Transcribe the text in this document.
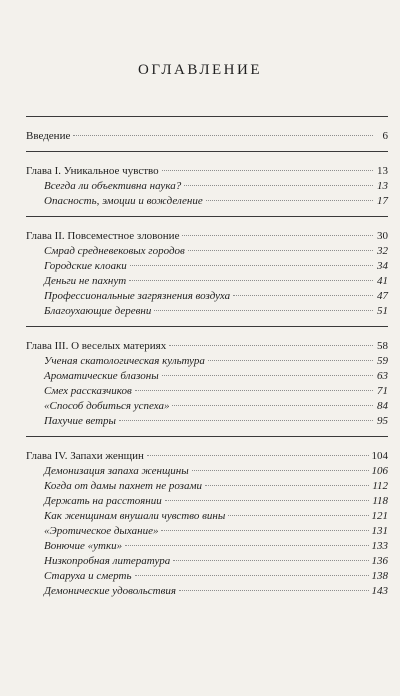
ОГЛАВЛЕНИЕ
Введение	6
Глава I. Уникальное чувство	13
Всегда ли объективна наука?	13
Опасность, эмоции и вожделение	17
Глава II. Повсеместное зловоние	30
Смрад средневековых городов	32
Городские клоаки	34
Деньги не пахнут	41
Профессиональные загрязнения воздуха	47
Благоухающие деревни	51
Глава III. О веселых материях	58
Ученая скатологическая культура	59
Ароматические блазоны	63
Смех рассказчиков	71
«Способ добиться успеха»	84
Пахучие ветры	95
Глава IV. Запахи женщин	104
Демонизация запаха женщины	106
Когда от дамы пахнет не розами	112
Держать на расстоянии	118
Как женщинам внушали чувство вины	121
«Эротическое дыхание»	131
Вонючие «утки»	133
Низкопробная литература	136
Старуха и смерть	138
Демонические удовольствия	143
